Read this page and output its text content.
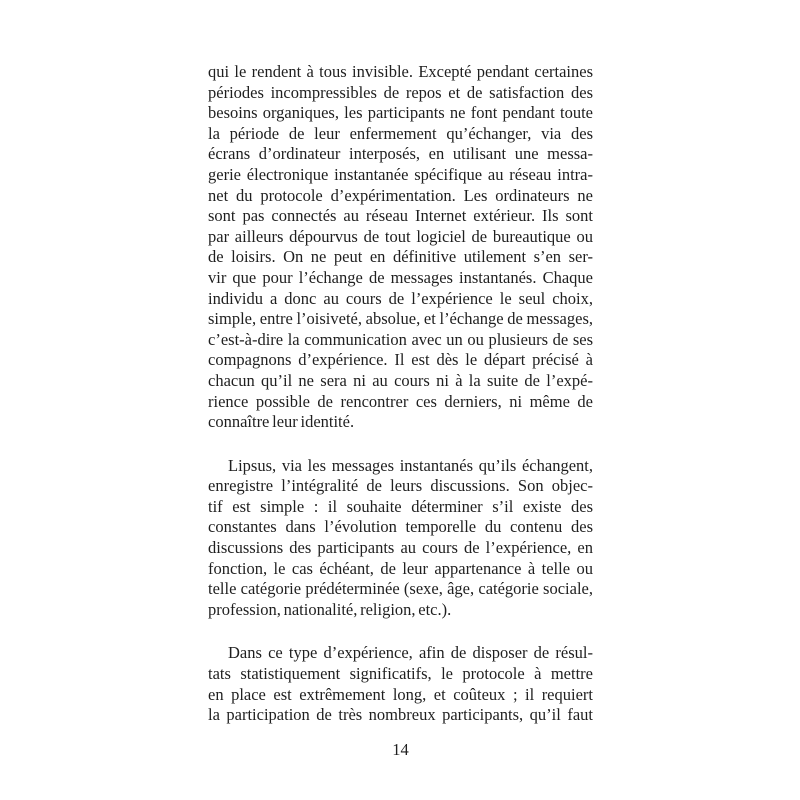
qui le rendent à tous invisible. Excepté pendant certaines
périodes incompressibles de repos et de satisfaction des
besoins organiques, les participants ne font pendant toute
la période de leur enfermement qu’échanger, via des
écrans d’ordinateur interposés, en utilisant une messa-
gerie électronique instantanée spécifique au réseau intra-
net du protocole d’expérimentation. Les ordinateurs ne
sont pas connectés au réseau Internet extérieur. Ils sont
par ailleurs dépourvus de tout logiciel de bureautique ou
de loisirs. On ne peut en définitive utilement s’en ser-
vir que pour l’échange de messages instantanés. Chaque
individu a donc au cours de l’expérience le seul choix,
simple, entre l’oisiveté, absolue, et l’échange de messages,
c’est-à-dire la communication avec un ou plusieurs de ses
compagnons d’expérience. Il est dès le départ précisé à
chacun qu’il ne sera ni au cours ni à la suite de l’expé-
rience possible de rencontrer ces derniers, ni même de
connaître leur identité.
Lipsus, via les messages instantanés qu’ils échangent,
enregistre l’intégralité de leurs discussions. Son objec-
tif est simple : il souhaite déterminer s’il existe des
constantes dans l’évolution temporelle du contenu des
discussions des participants au cours de l’expérience, en
fonction, le cas échéant, de leur appartenance à telle ou
telle catégorie prédéterminée (sexe, âge, catégorie sociale,
profession, nationalité, religion, etc.).
Dans ce type d’expérience, afin de disposer de résul-
tats statistiquement significatifs, le protocole à mettre
en place est extrêmement long, et coûteux ; il requiert
la participation de très nombreux participants, qu’il faut
14
